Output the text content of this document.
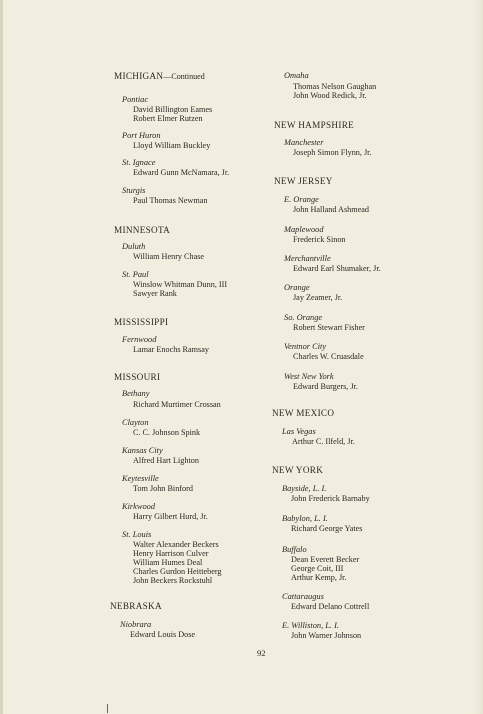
MICHIGAN—Continued
Pontiac
David Billington Eames
Robert Elmer Rutzen
Port Huron
Lloyd William Buckley
St. Ignace
Edward Gunn McNamara, Jr.
Sturgis
Paul Thomas Newman
MINNESOTA
Duluth
William Henry Chase
St. Paul
Winslow Whitman Dunn, III
Sawyer Rank
MISSISSIPPI
Fernwood
Lamar Enochs Ramsay
MISSOURI
Bethany
Richard Murtimer Crossan
Clayton
C. C. Johnson Spink
Kansas City
Alfred Hart Lighton
Keytesville
Tom John Binford
Kirkwood
Harry Gilbert Hurd, Jr.
St. Louis
Walter Alexander Beckers
Henry Harrison Culver
William Humes Deal
Charles Gurdon Heitteberg
John Beckers Rockstuhl
NEBRASKA
Niobrara
Edward Louis Dose
Omaha
Thomas Nelson Gaughan
John Wood Redick, Jr.
NEW HAMPSHIRE
Manchester
Joseph Simon Flynn, Jr.
NEW JERSEY
E. Orange
John Halland Ashmead
Maplewood
Frederick Sinon
Merchantville
Edward Earl Shumaker, Jr.
Orange
Jay Zeamer, Jr.
So. Orange
Robert Stewart Fisher
Ventnor City
Charles W. Cruasdale
West New York
Edward Burgers, Jr.
NEW MEXICO
Las Vegas
Arthur C. Ilfeld, Jr.
NEW YORK
Bayside, L. I.
John Frederick Barnaby
Babylon, L. I.
Richard George Yates
Buffalo
Dean Everett Becker
George Coit, III
Arthur Kemp, Jr.
Cattaraugus
Edward Delano Cottrell
E. Williston, L. I.
John Warner Johnson
92
